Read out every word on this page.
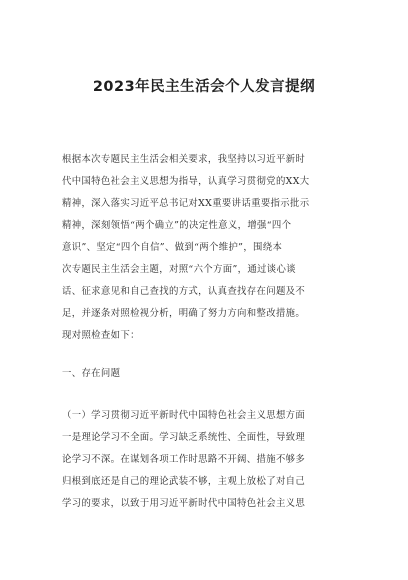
2023年民主生活会个人发言提纲
根据本次专题民主生活会相关要求，我坚持以习近平新时
代中国特色社会主义思想为指导，认真学习贯彻党的XX大
精神，深入落实习近平总书记对XX重要讲话重要指示批示
精神，深刻领悟“两个确立”的决定性意义，增强“四个
意识”、坚定“四个自信”、做到“两个维护”，围绕本
次专题民主生活会主题，对照“六个方面”，通过谈心谈
话、征求意见和自己查找的方式，认真查找存在问题及不
足，并逐条对照检视分析，明确了努力方向和整改措施。
现对照检查如下：
一、存在问题
（一）学习贯彻习近平新时代中国特色社会主义思想方面
一是理论学习不全面。学习缺乏系统性、全面性，导致理
论学习不深。在谋划各项工作时思路不开阔、措施不够多
归根到底还是自己的理论武装不够，主观上放松了对自己
学习的要求，以致于用习近平新时代中国特色社会主义思
